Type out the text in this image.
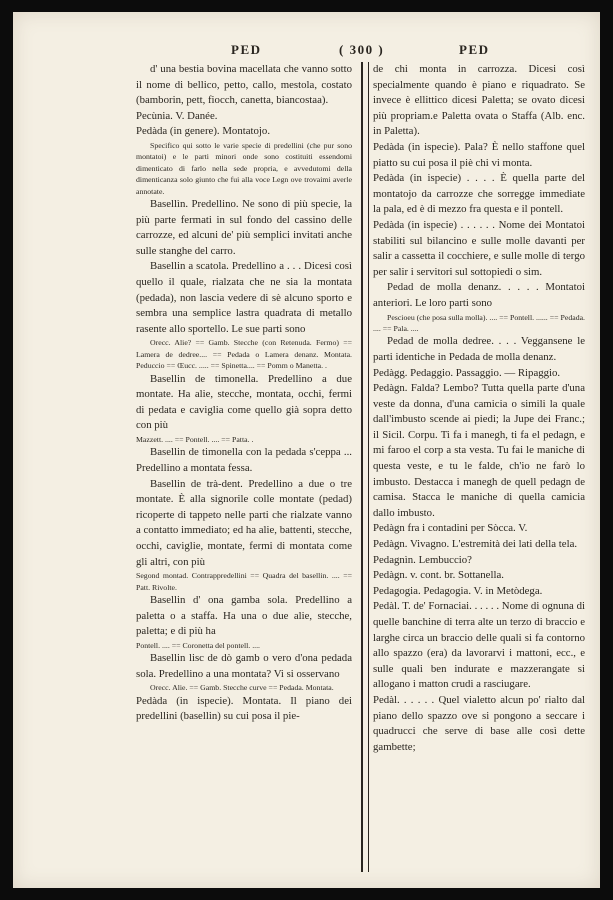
PED	( 300 )	PED

d' una bestia bovina macellata che vanno sotto il nome di bellico, petto, callo, mestola, costato (bamborin, pett, fiocch, canetta, biancostaa).

Pecùnia. V. Danée.

Pedàda (in genere). Montatojo.

Specifico qui sotto le varie specie di predellini (che pur sono montatoi) e le parti minori onde sono costituiti essendomi dimenticato di farlo nella sede propria, e avvedutomi della dimenticanza solo giunto che fui alla voce Legn ove trovaimi averle annotate.

Basellìn. Predellino. Ne sono di più specie, la più parte fermati in sul fondo del cassino delle carrozze, ed alcuni de' più semplici invitati anche sulle stanghe del carro.

Basellin a scatola. Predellino a . . . Dicesi così quello il quale, rialzata che ne sia la montata (pedada), non lascia vedere di sè alcuno sporto e sembra una semplice lastra quadrata di metallo rasente allo sportello. Le sue parti sono

Orecc. Alie? == Gamb. Stecche (con Retenuda. Fermo) == Lamera de dedree.... == Pedada o Lamera denanz. Montata. Peduccio == Œucc. ..... == Spinetta.... == Pomm o Manetta. .

Basellin de timonella. Predellino a due montate. Ha alie, stecche, montata, occhi, fermi di pedata e caviglia come quello già sopra detto con più

Mazzett. .... == Pontell. .... == Patta. .

Basellin de timonella con la pedada s'ceppa ... Predellino a montata fessa.

Basellin de trà-dent. Predellino a due o tre montate. È alla signorile colle montate (pedad) ricoperte di tappeto nelle parti che rialzate vanno a contatto immediato; ed ha alie, battenti, stecche, occhi, caviglie, montate, fermi di montata come gli altri, con più

Segond montad. Contrappredellini == Quadra del basellin. .... == Patt. Rivolte.

Basellin d' ona gamba sola. Predellino a paletta o a staffa. Ha una o due alie, stecche, paletta; e di più ha

Pontell. .... == Coronetta del pontell. ....

Basellin lisc de dò gamb o vero d'ona pedada sola. Predellino a una montata? Vi si osservano

Orecc. Alie. == Gamb. Stecche curve == Pedada. Montata.

Pedàda (in ispecie). Montata. Il piano dei predellini (basellin) su cui posa il pie-

de chi monta in carrozza. Dicesi così specialmente quando è piano e riquadrato. Se invece è ellittico dicesi Paletta; se ovato dicesi più propriam.e Paletta ovata o Staffa (Alb. enc. in Paletta).

Pedàda (in ispecie). Pala? È nello staffone quel piatto su cui posa il piè chi vi monta.

Pedàda (in ispecie) . . . . È quella parte del montatojo da carrozze che sorregge immediate la pala, ed è di mezzo fra questa e il pontell.

Pedàda (in ispecie) . . . . . . Nome dei Montatoi stabiliti sul bilancino e sulle molle davanti per salir a cassetta il cocchiere, e sulle molle di tergo per salir i servitori sul sottopiedi o sim.

Pedad de molla denanz. . . . . Montatoi anteriori. Le loro parti sono

Pescioeu (che posa sulla molla). .... == Pontell. ...... == Pedada. .... == Pala. ....

Pedad de molla dedree. . . . Veggansene le parti identiche in Pedada de molla denanz.

Pedàgg. Pedaggio. Passaggio. — Ripaggio.

Pedàgn. Falda? Lembo? Tutta quella parte d'una veste da donna, d'una camicia o simili la quale dall'imbusto scende ai piedi; la Jupe dei Franc.; il Sicil. Corpu. Ti fa i manegh, ti fa el pedagn, e mi faroo el corp a sta vesta. Tu fai le maniche di questa veste, e tu le falde, ch'io ne farò lo imbusto. Destacca i manegh de quell pedagn de camisa. Stacca le maniche di quella camicia dallo imbusto.

Pedàgn fra i contadini per Sòcca. V.

Pedàgn. Vivagno. L'estremità dei lati della tela.

Pedagnìn. Lembuccio?

Pedàgn. v. cont. br. Sottanella.

Pedagogia. Pedagogia. V. in Metòdega.

Pedàl. T. de' Fornaciai. . . . . . Nome di ognuna di quelle banchine di terra alte un terzo di braccio e larghe circa un braccio delle quali si fa contorno allo spazzo (era) da lavorarvi i mattoni, ecc., e sulle quali ben indurate e mazzerangate si allogano i matton crudi a rasciugare.

Pedàl. . . . . . Quel vialetto alcun po' rialto dal piano dello spazzo ove si pongono a seccare i quadrucci che serve di base alle così dette gambette;
